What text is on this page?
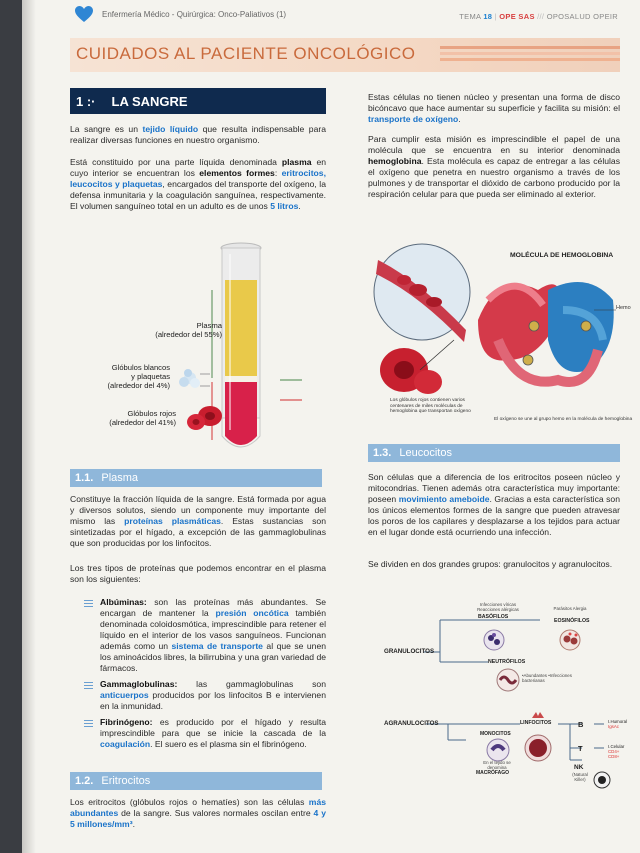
Enfermería Médico - Quirúrgica: Onco-Paliativos (1)	TEMA 18 | OPE SAS /// OPOSALUD OPEIR
CUIDADOS AL PACIENTE ONCOLÓGICO
1 :· LA SANGRE

La sangre es un tejido líquido que resulta indispensable para realizar diversas funciones en nuestro organismo.

Está constituido por una parte líquida denominada plasma en cuyo interior se encuentran los elementos formes: eritrocitos, leucocitos y plaquetas, encargados del transporte del oxígeno, la defensa inmunitaria y la coagulación sanguínea, respectivamente. El volumen sanguíneo total en un adulto es de unos 5 litros.

Plasma
(alrededor del 55%)
Glóbulos blancos
y plaquetas
(alrededor del 4%)
Glóbulos rojos
(alrededor del 41%)
1.1. Plasma

Constituye la fracción líquida de la sangre. Está formada por agua y diversos solutos, siendo un componente muy importante del mismo las proteínas plasmáticas. Estas sustancias son sintetizadas por el hígado, a excepción de las gammaglobulinas que son producidas por los linfocitos.

Los tres tipos de proteínas que podemos encontrar en el plasma son los siguientes:

Albúminas: son las proteínas más abundantes. Se encargan de mantener la presión oncótica también denominada coloidosmótica, imprescindible para retener el líquido en el interior de los vasos sanguíneos. Funcionan además como un sistema de transporte al que se unen los aminoácidos libres, la bilirrubina y una gran variedad de fármacos.
Gammaglobulinas: las gammaglobulinas son anticuerpos producidos por los linfocitos B e intervienen en la inmunidad.
Fibrinógeno: es producido por el hígado y resulta imprescindible para que se inicie la cascada de la coagulación. El suero es el plasma sin el fibrinógeno.
1.2. Eritrocitos

Los eritrocitos (glóbulos rojos o hematíes) son las células más abundantes de la sangre. Sus valores normales oscilan entre 4 y 5 millones/mm³.

Estas células no tienen núcleo y presentan una forma de disco bicóncavo que hace aumentar su superficie y facilita su misión: el transporte de oxígeno.

Para cumplir esta misión es imprescindible el papel de una molécula que se encuentra en su interior denominada hemoglobina. Esta molécula es capaz de entregar a las células el oxígeno que penetra en nuestro organismo a través de los pulmones y de transportar el dióxido de carbono producido por la respiración celular para que pueda ser eliminado al exterior.

MOLÉCULA DE HEMOGLOBINA
Hemo
Los glóbulos rojos contienen varios centenares de miles moléculas de hemoglobina que transportan oxígeno
El oxígeno se une al grupo hemo en la molécula de hemoglobina
1.3. Leucocitos

Son células que a diferencia de los eritrocitos poseen núcleo y mitocondrias. Tienen además otra característica muy importante: poseen movimiento ameboide. Gracias a esta característica son los únicos elementos formes de la sangre que pueden atravesar los poros de los capilares y desplazarse a los tejidos para actuar en el lugar donde está ocurriendo una infección.

Se dividen en dos grandes grupos: granulocitos y agranulocitos.

GRANULOCITOS
AGRANULOCITOS
Infecciones víricas Reacciones alérgicas
BASÓFILOS
Parásitos Alergia
EOSINÓFILOS
NEUTRÓFILOS
•Abundantes •Infecciones bacterianas
LINFOCITOS
MONOCITOS
En el tejido se denomina
MACRÓFAGO
B	I.Humoral
IgsAc
T	I.Celular
CD4+
CD8+
NK
(Natural Killer)
